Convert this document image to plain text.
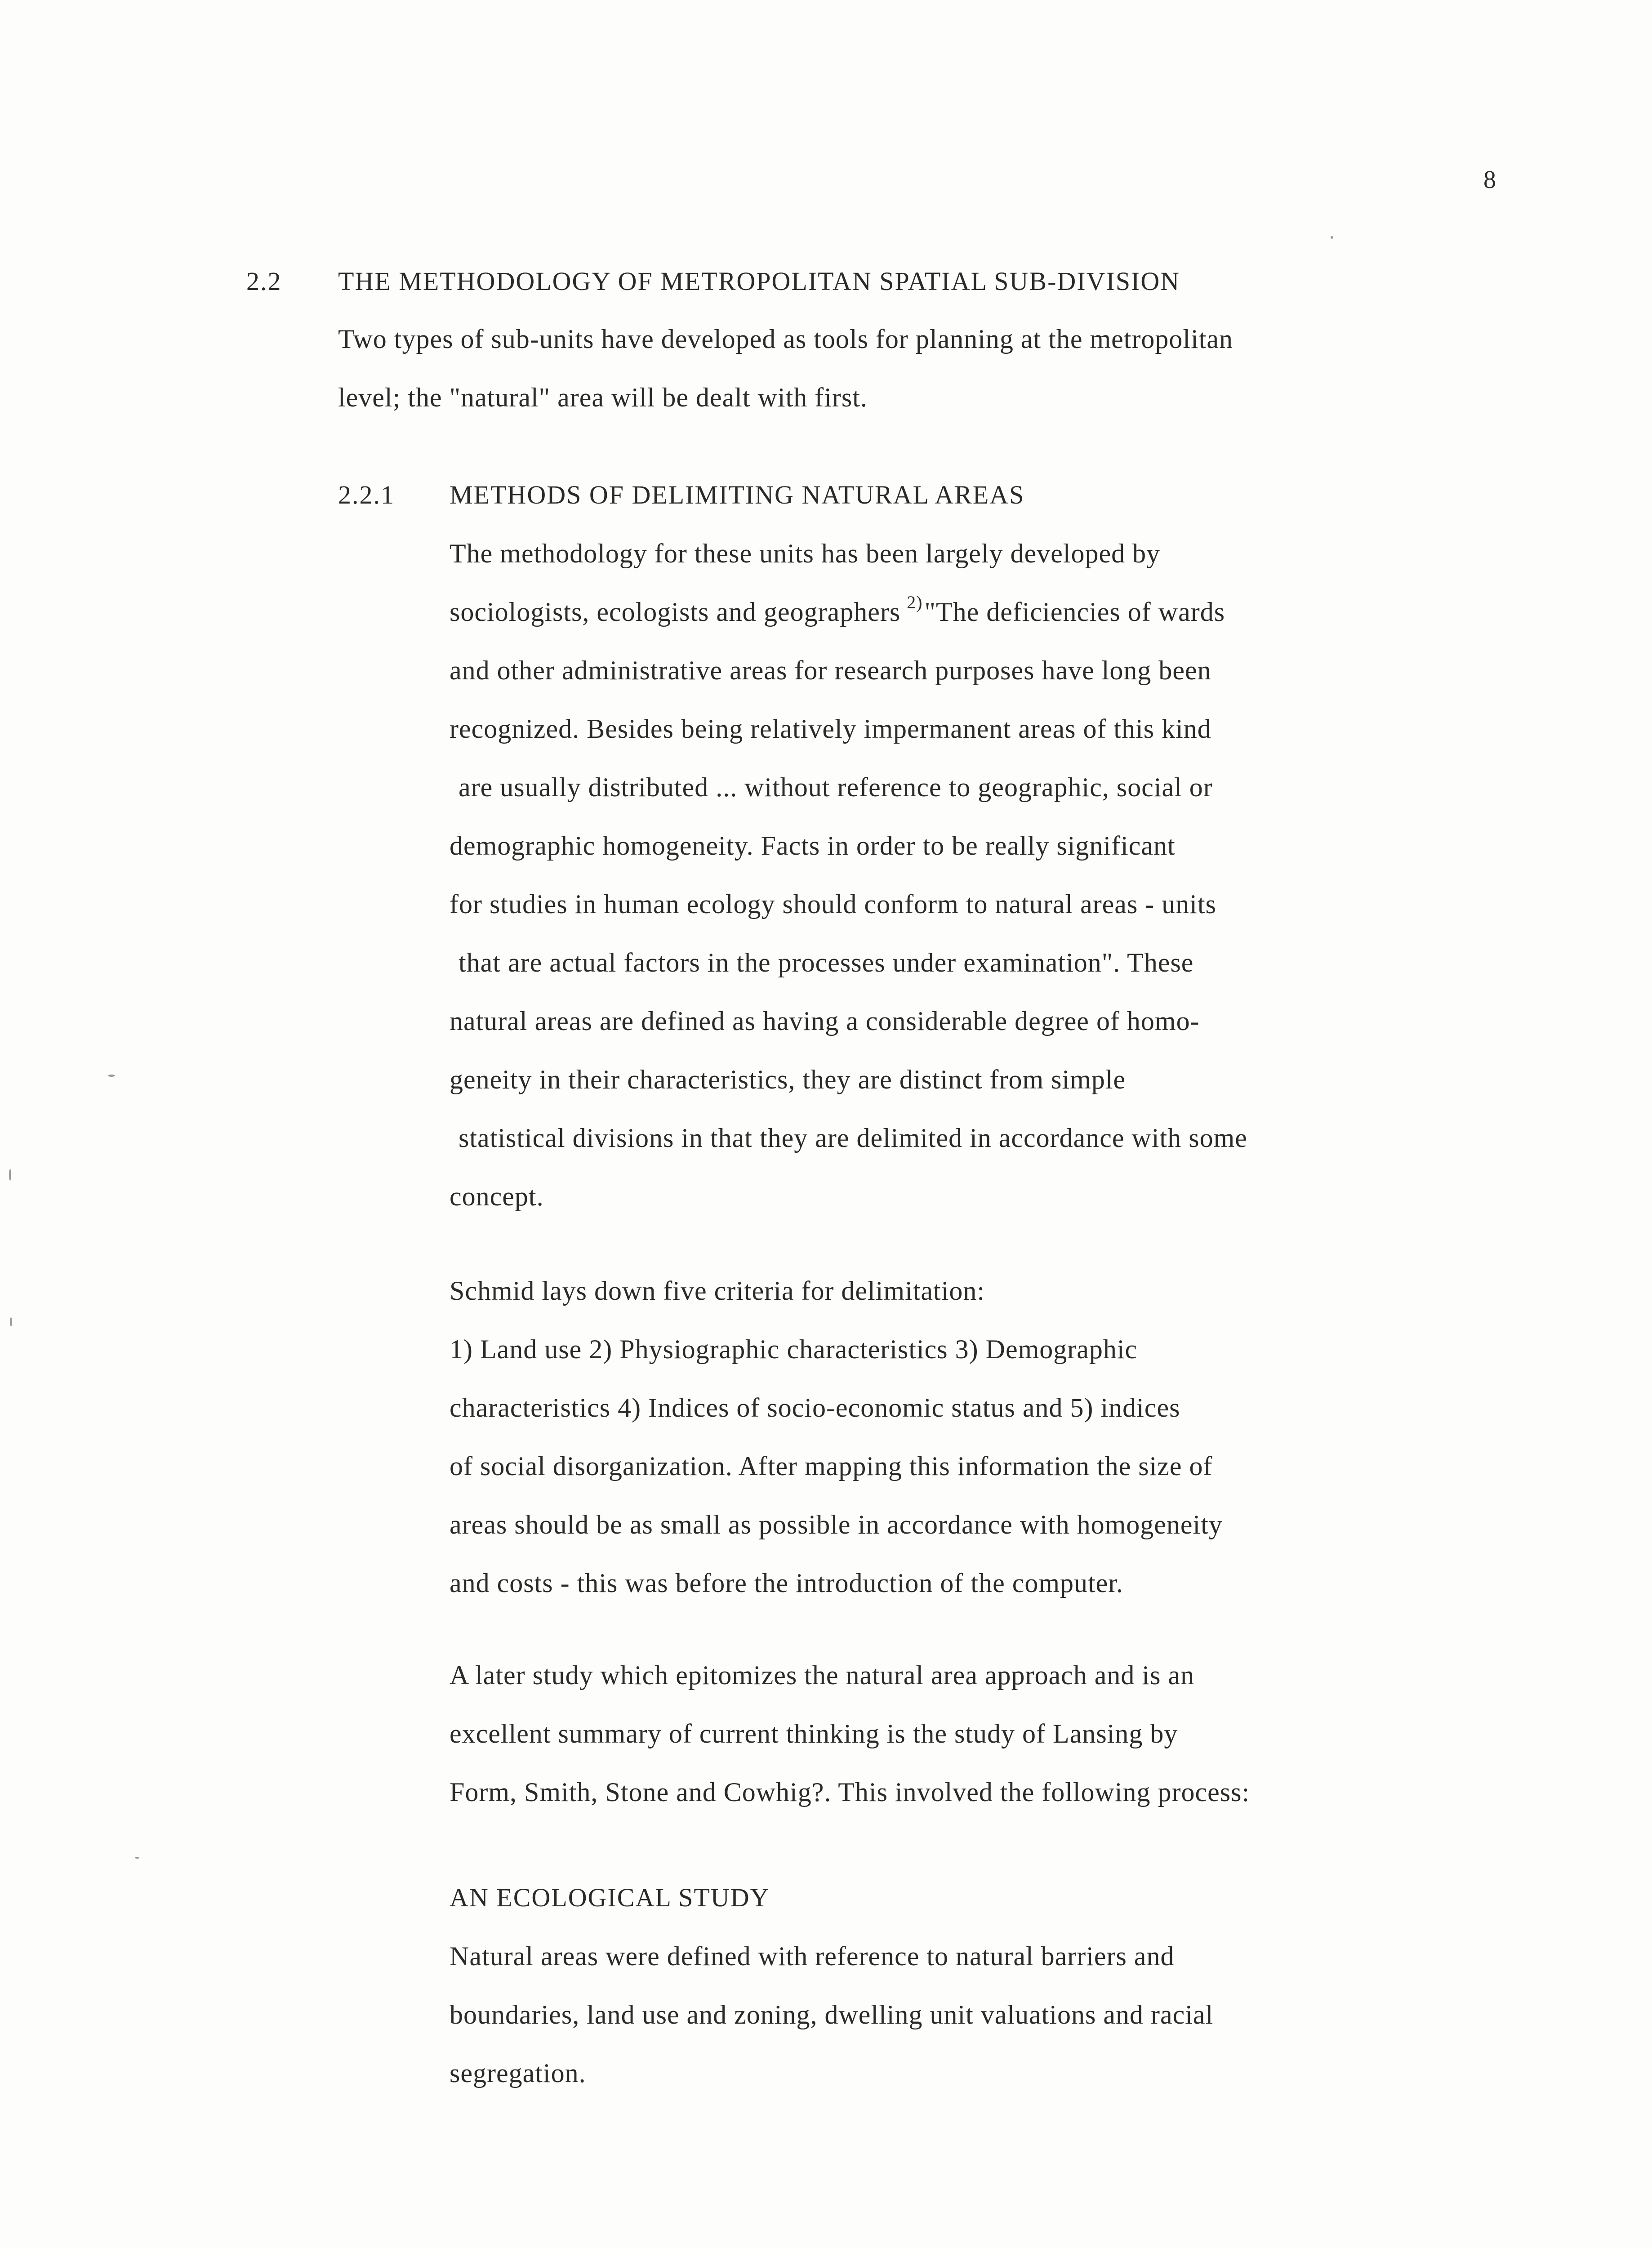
8
2.2 THE METHODOLOGY OF METROPOLITAN SPATIAL SUB-DIVISION
Two types of sub-units have developed as tools for planning at the metropolitan
level; the "natural" area will be dealt with first.
2.2.1 METHODS OF DELIMITING NATURAL AREAS
The methodology for these units has been largely developed by
sociologists, ecologists and geographers $^{2)}$"The deficiencies of wards
and other administrative areas for research purposes have long been
recognized. Besides being relatively impermanent areas of this kind
are usually distributed ... without reference to geographic, social or
demographic homogeneity. Facts in order to be really significant
for studies in human ecology should conform to natural areas - units
that are actual factors in the processes under examination". These
natural areas are defined as having a considerable degree of homo-
geneity in their characteristics, they are distinct from simple
statistical divisions in that they are delimited in accordance with some
concept.
Schmid lays down five criteria for delimitation:
1) Land use 2) Physiographic characteristics 3) Demographic
characteristics 4) Indices of socio-economic status and 5) indices
of social disorganization. After mapping this information the size of
areas should be as small as possible in accordance with homogeneity
and costs - this was before the introduction of the computer.
A later study which epitomizes the natural area approach and is an
excellent summary of current thinking is the study of Lansing by
Form, Smith, Stone and Cowhig?. This involved the following process:
AN ECOLOGICAL STUDY
Natural areas were defined with reference to natural barriers and
boundaries, land use and zoning, dwelling unit valuations and racial
segregation.
